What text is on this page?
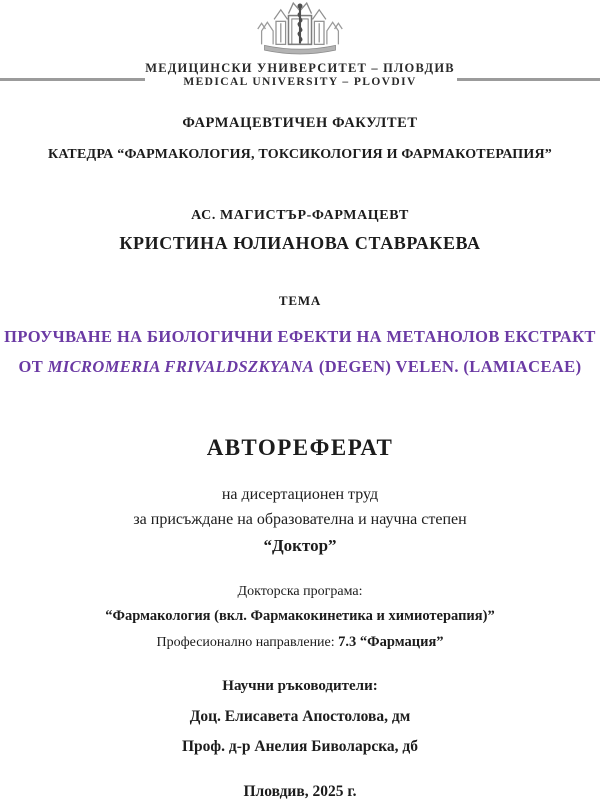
МЕДИЦИНСКИ УНИВЕРСИТЕТ – ПЛОВДИВ
MEDICAL UNIVERSITY – PLOVDIV
ФАРМАЦЕВТИЧЕН ФАКУЛТЕТ
КАТЕДРА “ФАРМАКОЛОГИЯ, ТОКСИКОЛОГИЯ И ФАРМАКОТЕРАПИЯ”
АС. МАГИСТЪР-ФАРМАЦЕВТ
КРИСТИНА ЮЛИАНОВА СТАВРАКЕВА
ТЕМА
ПРОУЧВАНЕ НА БИОЛОГИЧНИ ЕФЕКТИ НА МЕТАНОЛОВ ЕКСТРАКТ
ОТ MICROMERIA FRIVALDSZKYANA (DEGEN) VELEN. (LAMIACEAE)
АВТОРЕФЕРАТ
на дисертационен труд
за присъждане на образователна и научна степен
“Доктор”
Докторска програма:
“Фармакология (вкл. Фармакокинетика и химиотерапия)”
Професионално направление: 7.3 “Фармация”
Научни ръководители:
Доц. Елисавета Апостолова, дм
Проф. д-р Анелия Биволарска, дб
Пловдив, 2025 г.
